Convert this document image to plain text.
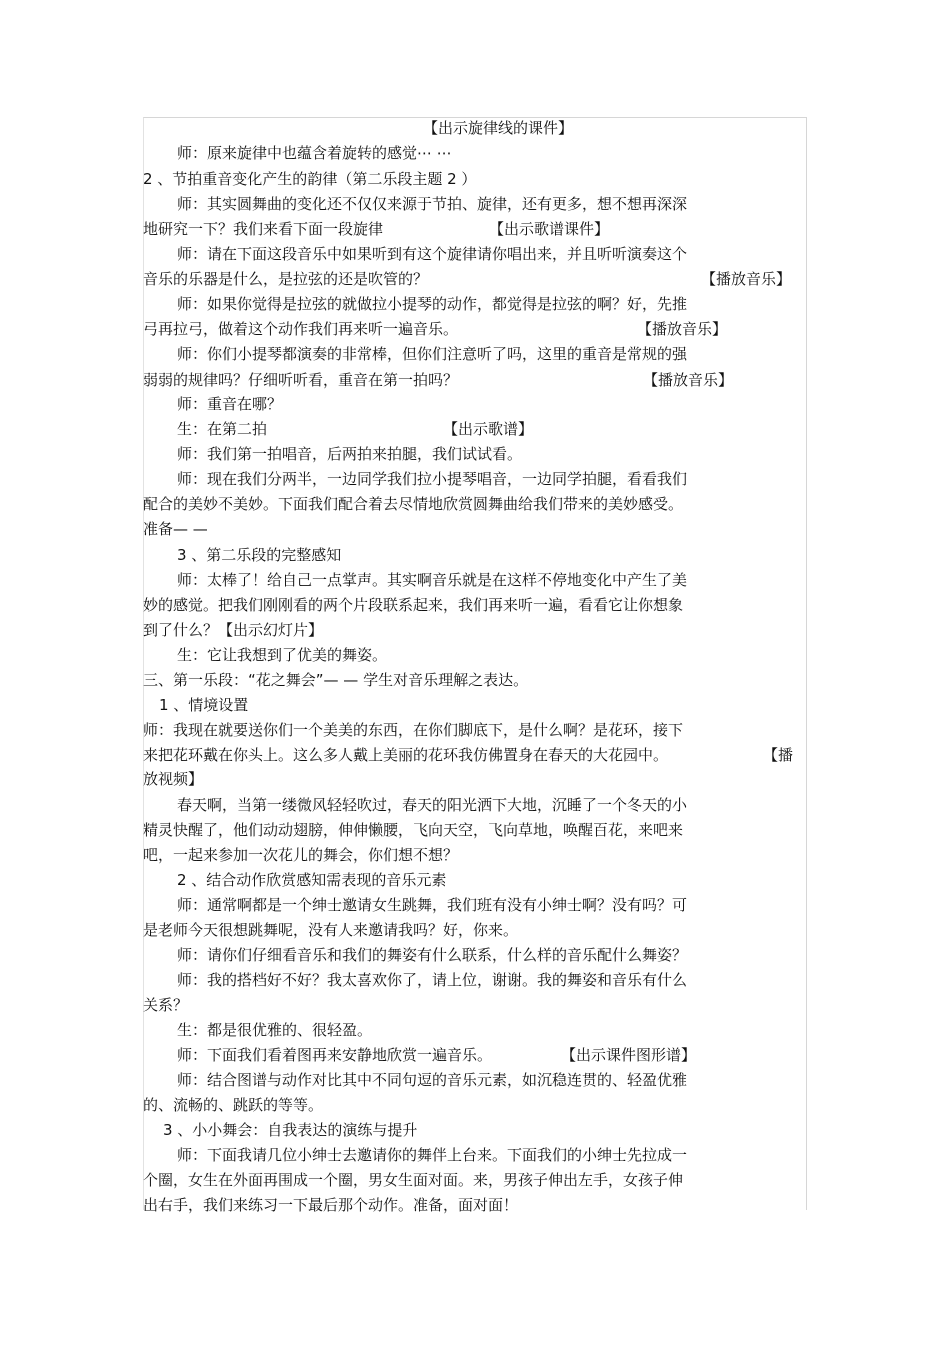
【出示旋律线的课件】
师：原来旋律中也蕴含着旋转的感觉⋯ ⋯
2 、节拍重音变化产生的韵律（第二乐段主题 2 ）
师：其实圆舞曲的变化还不仅仅来源于节拍、旋律，还有更多，想不想再深深
地研究一下？我们来看下面一段旋律	【出示歌谱课件】
师：请在下面这段音乐中如果听到有这个旋律请你唱出来，并且听听演奏这个
音乐的乐器是什么，是拉弦的还是吹管的？	【播放音乐】
师：如果你觉得是拉弦的就做拉小提琴的动作，都觉得是拉弦的啊？好，先推
弓再拉弓，做着这个动作我们再来听一遍音乐。	【播放音乐】
师：你们小提琴都演奏的非常棒，但你们注意听了吗，这里的重音是常规的强
弱弱的规律吗？仔细听听看，重音在第一拍吗？	【播放音乐】
师：重音在哪？
生：在第二拍	【出示歌谱】
师：我们第一拍唱音，后两拍来拍腿，我们试试看。
师：现在我们分两半，一边同学我们拉小提琴唱音，一边同学拍腿，看看我们
配合的美妙不美妙。下面我们配合着去尽情地欣赏圆舞曲给我们带来的美妙感受。
准备— —
3 、第二乐段的完整感知
师：太棒了！给自己一点掌声。其实啊音乐就是在这样不停地变化中产生了美
妙的感觉。把我们刚刚看的两个片段联系起来，我们再来听一遍，看看它让你想象
到了什么？【出示幻灯片】
生：它让我想到了优美的舞姿。
三、第一乐段：“花之舞会”— — 学生对音乐理解之表达。
1 、情境设置
师：我现在就要送你们一个美美的东西，在你们脚底下，是什么啊？是花环，接下
来把花环戴在你头上。这么多人戴上美丽的花环我仿佛置身在春天的大花园中。	【播
放视频】
春天啊，当第一缕微风轻轻吹过，春天的阳光洒下大地，沉睡了一个冬天的小
精灵快醒了，他们动动翅膀，伸伸懒腰，飞向天空，飞向草地，唤醒百花，来吧来
吧，一起来参加一次花儿的舞会，你们想不想？
2 、结合动作欣赏感知需表现的音乐元素
师：通常啊都是一个绅士邀请女生跳舞，我们班有没有小绅士啊？没有吗？可
是老师今天很想跳舞呢，没有人来邀请我吗？好，你来。
师：请你们仔细看音乐和我们的舞姿有什么联系，什么样的音乐配什么舞姿？
师：我的搭档好不好？我太喜欢你了，请上位，谢谢。我的舞姿和音乐有什么
关系？
生：都是很优雅的、很轻盈。
师：下面我们看着图再来安静地欣赏一遍音乐。	【出示课件图形谱】
师：结合图谱与动作对比其中不同句逗的音乐元素，如沉稳连贯的、轻盈优雅
的、流畅的、跳跃的等等。
3 、小小舞会：自我表达的演练与提升
师：下面我请几位小绅士去邀请你的舞伴上台来。下面我们的小绅士先拉成一
个圈，女生在外面再围成一个圈，男女生面对面。来，男孩子伸出左手，女孩子伸
出右手，我们来练习一下最后那个动作。准备，面对面！
